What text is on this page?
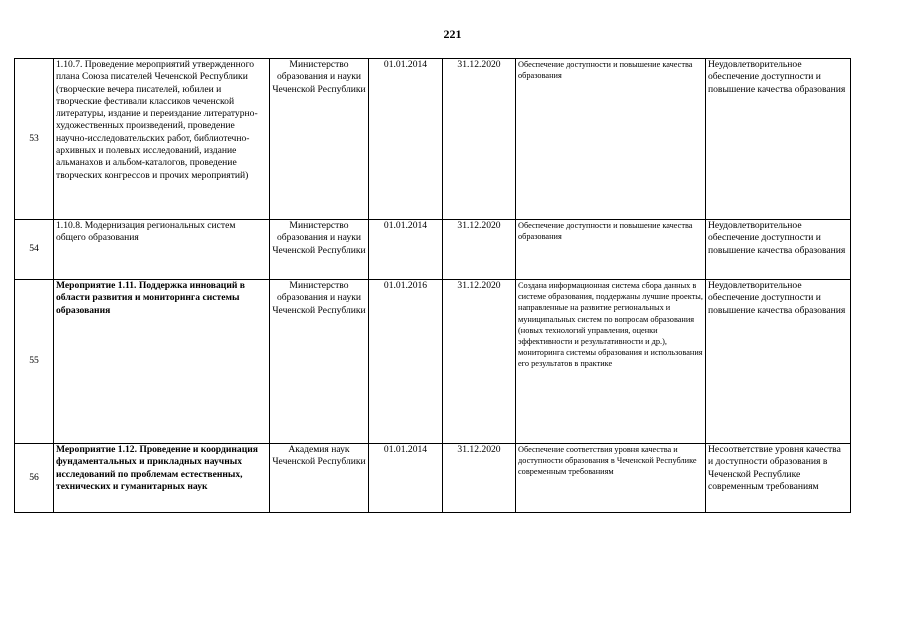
221
53	1.10.7. Проведение мероприятий утвержденного плана Союза писателей Чеченской Республики (творческие вечера писателей, юбилеи и творческие фестивали классиков чеченской литературы, издание и переиздание литературно-художественных произведений, проведение научно-исследовательских работ, библиотечно-архивных и полевых исследований, издание альманахов и альбом-каталогов, проведение творческих конгрессов и прочих мероприятий)	Министерство образования и науки Чеченской Республики	01.01.2014	31.12.2020	Обеспечение доступности и повышение качества образования	Неудовлетворительное обеспечение доступности и повышение качества образования
54	1.10.8. Модернизация региональных систем общего образования	Министерство образования и науки Чеченской Республики	01.01.2014	31.12.2020	Обеспечение доступности и повышение качества образования	Неудовлетворительное обеспечение доступности и повышение качества образования
55	Мероприятие 1.11. Поддержка инноваций в области развития и мониторинга системы образования	Министерство образования и науки Чеченской Республики	01.01.2016	31.12.2020	Создана информационная система сбора данных в системе образования, поддержаны лучшие проекты, направленные на развитие региональных и муниципальных систем по вопросам образования (новых технологий управления, оценки эффективности и результативности и др.), мониторинга системы образования и использования его результатов в практике	Неудовлетворительное обеспечение доступности и повышение качества образования
56	Мероприятие 1.12. Проведение и координация фундаментальных и прикладных научных исследований по проблемам естественных, технических и гуманитарных наук	Академия наук Чеченской Республики	01.01.2014	31.12.2020	Обеспечение соответствия уровня качества и доступности образования в Чеченской Республике современным требованиям	Несоответствие уровня качества и доступности образования в Чеченской Республике современным требованиям
